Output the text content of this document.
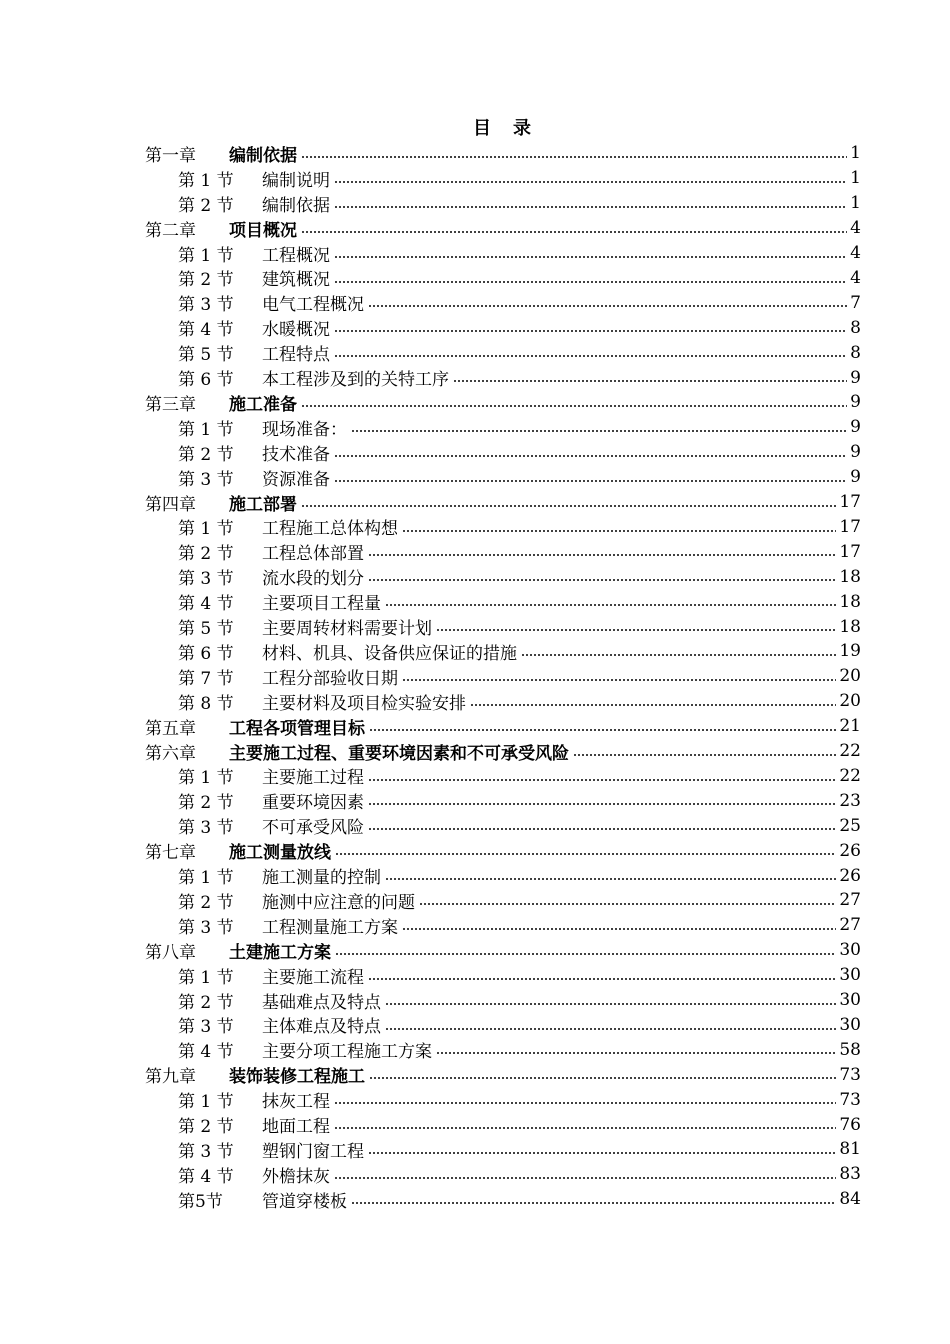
目 录
第一章 编制依据	1
第 1 节 编制说明	1
第 2 节 编制依据	1
第二章 项目概况	4
第 1 节 工程概况	4
第 2 节 建筑概况	4
第 3 节 电气工程概况	7
第 4 节 水暖概况	8
第 5 节 工程特点	8
第 6 节 本工程涉及到的关特工序	9
第三章 施工准备	9
第 1 节 现场准备：	9
第 2 节 技术准备	9
第 3 节 资源准备	9
第四章 施工部署	17
第 1 节 工程施工总体构想	17
第 2 节 工程总体部置	17
第 3 节 流水段的划分	18
第 4 节 主要项目工程量	18
第 5 节 主要周转材料需要计划	18
第 6 节 材料、机具、设备供应保证的措施	19
第 7 节 工程分部验收日期	20
第 8 节 主要材料及项目检实验安排	20
第五章 工程各项管理目标	21
第六章 主要施工过程、重要环境因素和不可承受风险	22
第 1 节 主要施工过程	22
第 2 节 重要环境因素	23
第 3 节 不可承受风险	25
第七章 施工测量放线	26
第 1 节 施工测量的控制	26
第 2 节 施测中应注意的问题	27
第 3 节 工程测量施工方案	27
第八章 土建施工方案	30
第 1 节 主要施工流程	30
第 2 节 基础难点及特点	30
第 3 节 主体难点及特点	30
第 4 节 主要分项工程施工方案	58
第九章 装饰装修工程施工	73
第 1 节 抹灰工程	73
第 2 节 地面工程	76
第 3 节 塑钢门窗工程	81
第 4 节 外檐抹灰	83
第5节 管道穿楼板	84
